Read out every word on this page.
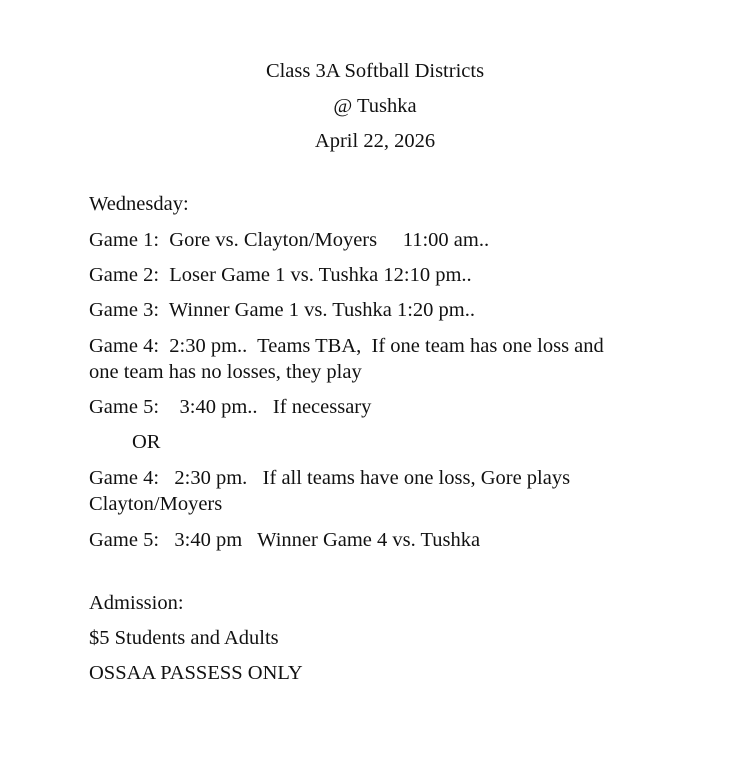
Class 3A Softball Districts
@ Tushka
April 22, 2026
Wednesday:
Game 1:  Gore vs. Clayton/Moyers     11:00 am..
Game 2:  Loser Game 1 vs. Tushka 12:10 pm..
Game 3:  Winner Game 1 vs. Tushka 1:20 pm..
Game 4:  2:30 pm..  Teams TBA,  If one team has one loss and
one team has no losses, they play
Game 5:    3:40 pm..   If necessary
OR
Game 4:   2:30 pm.   If all teams have one loss, Gore plays
Clayton/Moyers
Game 5:   3:40 pm   Winner Game 4 vs. Tushka
Admission:
$5 Students and Adults
OSSAA PASSESS ONLY
